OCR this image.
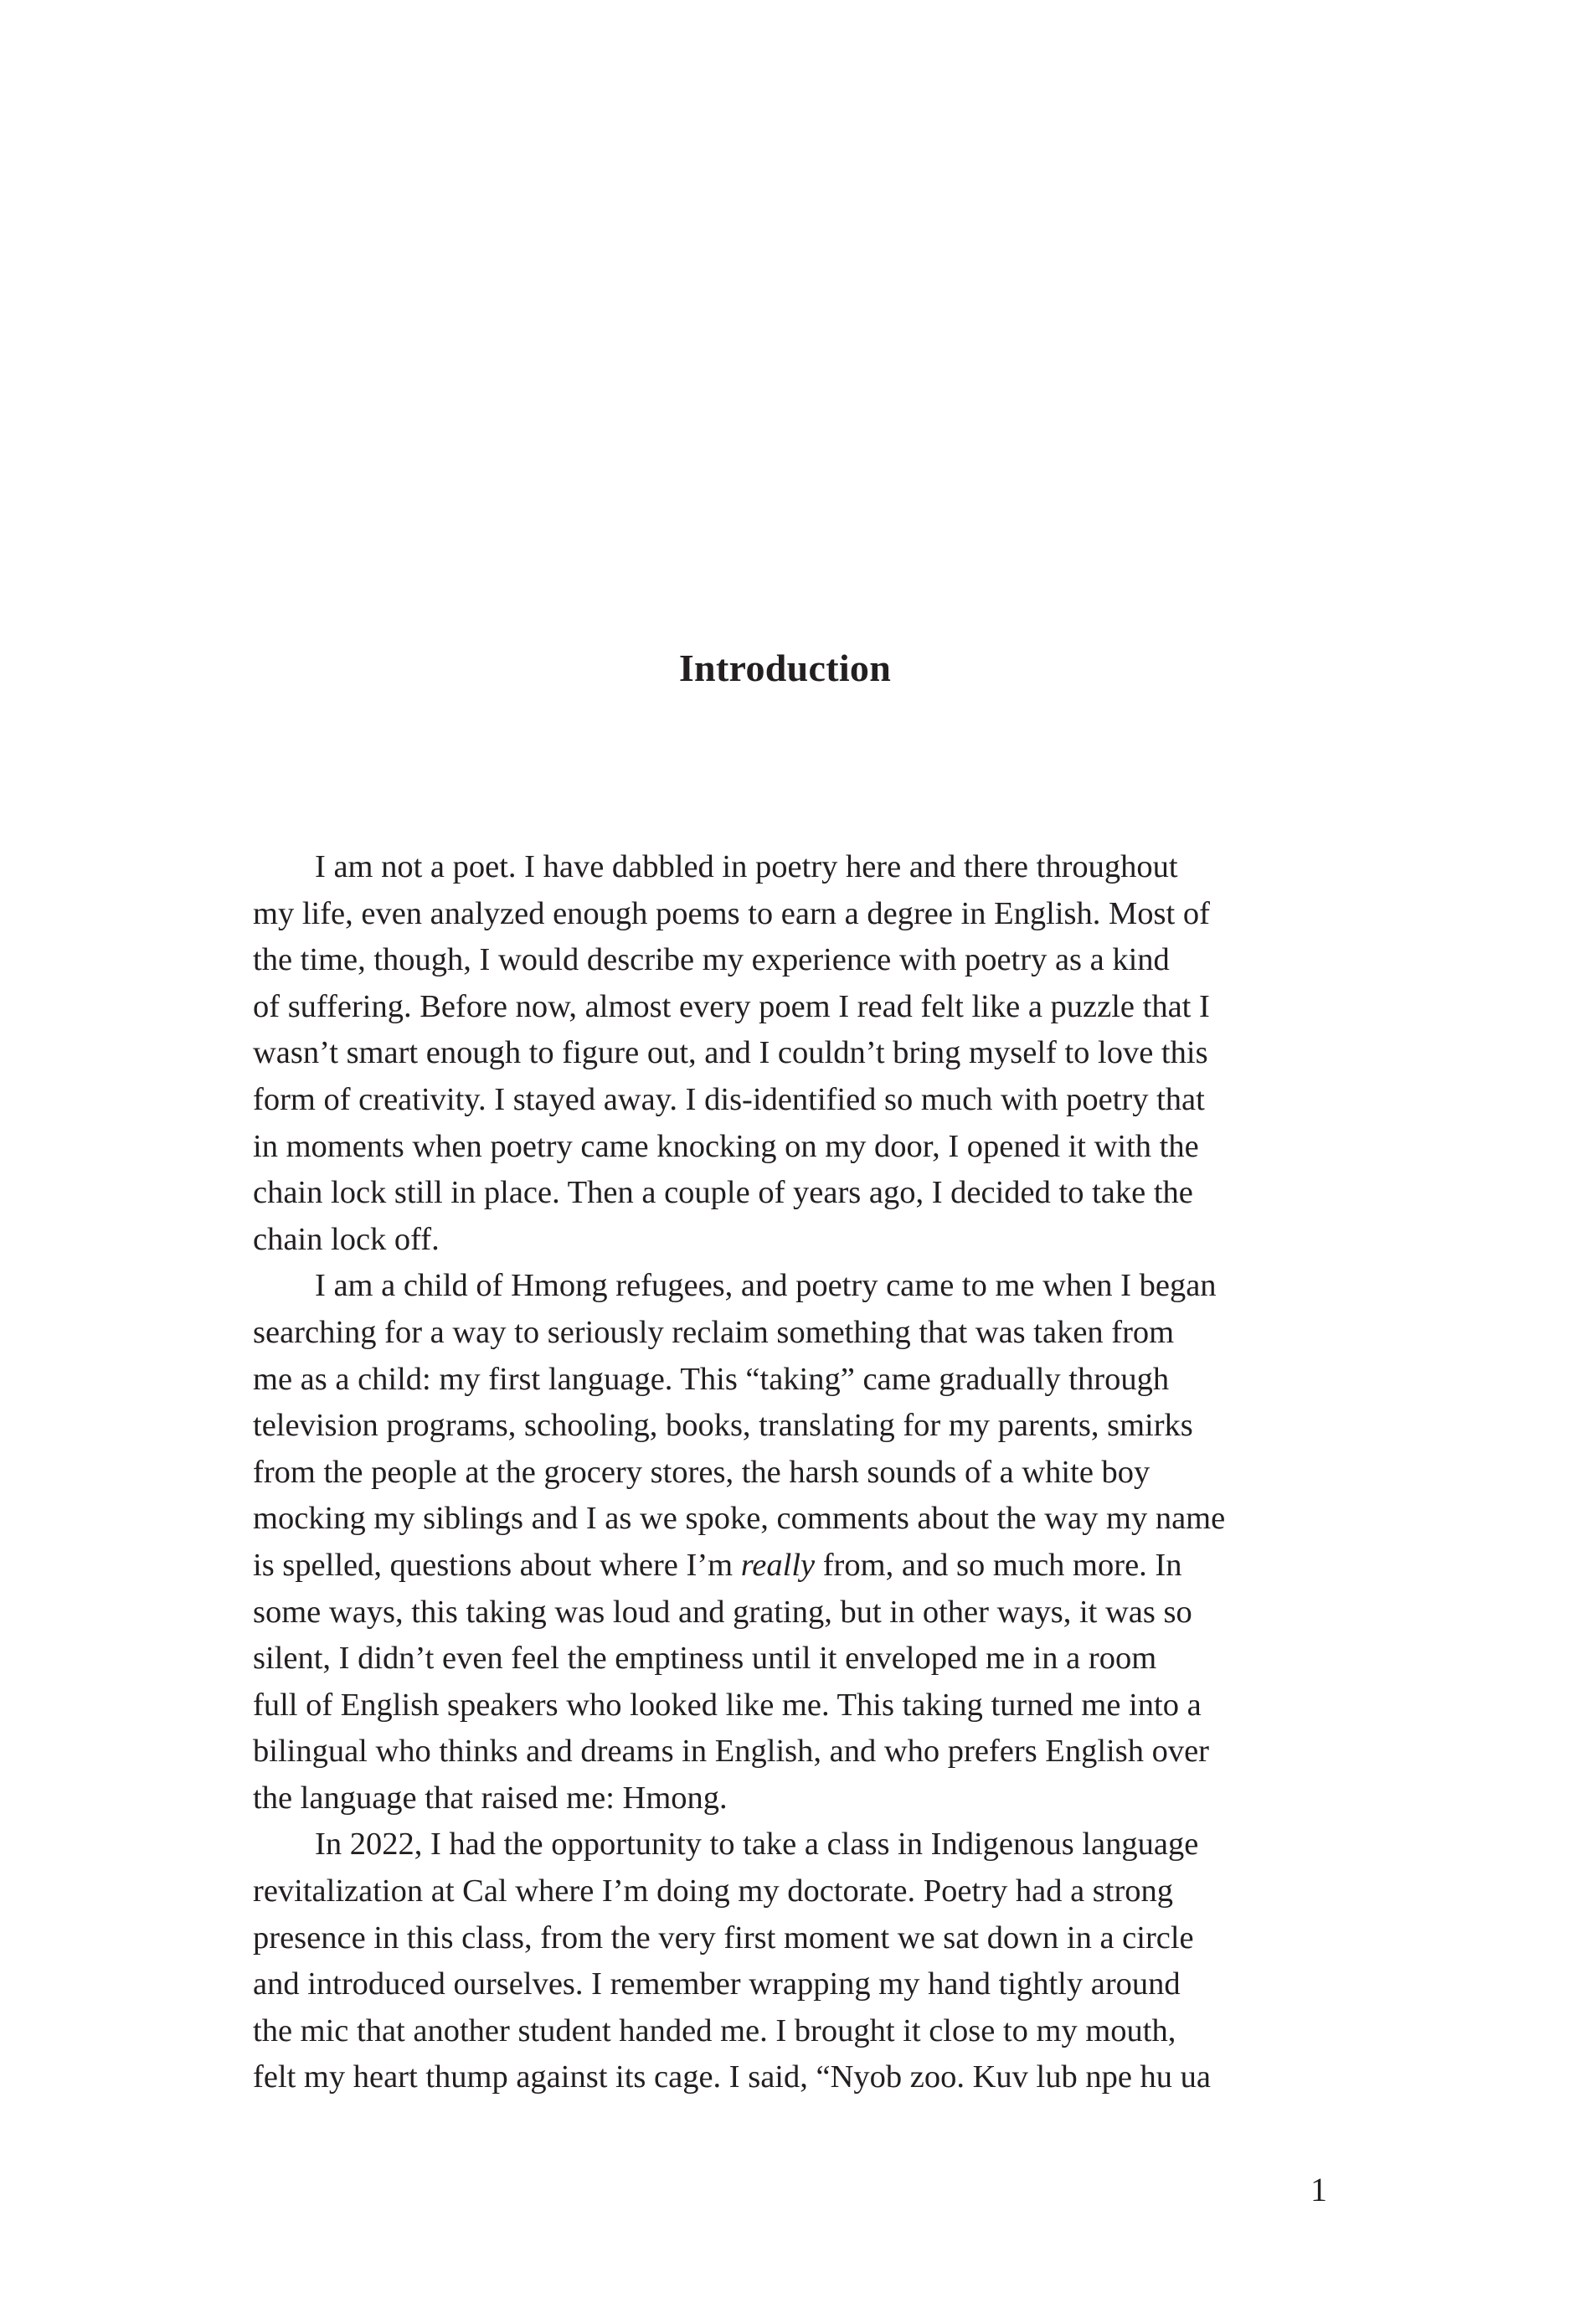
Introduction

I am not a poet. I have dabbled in poetry here and there throughout
my life, even analyzed enough poems to earn a degree in English. Most of
the time, though, I would describe my experience with poetry as a kind
of suffering. Before now, almost every poem I read felt like a puzzle that I
wasn’t smart enough to figure out, and I couldn’t bring myself to love this
form of creativity. I stayed away. I dis-identified so much with poetry that
in moments when poetry came knocking on my door, I opened it with the
chain lock still in place. Then a couple of years ago, I decided to take the
chain lock off.

I am a child of Hmong refugees, and poetry came to me when I began
searching for a way to seriously reclaim something that was taken from
me as a child: my first language. This “taking” came gradually through
television programs, schooling, books, translating for my parents, smirks
from the people at the grocery stores, the harsh sounds of a white boy
mocking my siblings and I as we spoke, comments about the way my name
is spelled, questions about where I’m really from, and so much more. In
some ways, this taking was loud and grating, but in other ways, it was so
silent, I didn’t even feel the emptiness until it enveloped me in a room
full of English speakers who looked like me. This taking turned me into a
bilingual who thinks and dreams in English, and who prefers English over
the language that raised me: Hmong.

In 2022, I had the opportunity to take a class in Indigenous language
revitalization at Cal where I’m doing my doctorate. Poetry had a strong
presence in this class, from the very first moment we sat down in a circle
and introduced ourselves. I remember wrapping my hand tightly around
the mic that another student handed me. I brought it close to my mouth,
felt my heart thump against its cage. I said, “Nyob zoo. Kuv lub npe hu ua

1
